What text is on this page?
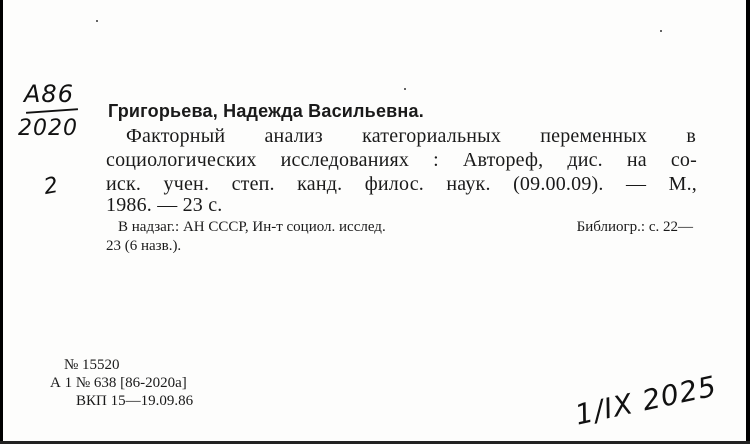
A86
2020
2
1/IX 2025
Григорьева, Надежда Васильевна.
Факторный анализ категориальных переменных в
социологических исследованиях : Автореф, дис. на со-
иск. учен. степ. канд. филос. наук. (09.00.09). — М.,
1986. — 23 с.
В надзаг.: АН СССР, Ин-т социол. исслед.	Библиогр.: с. 22—
23 (6 назв.).
№ 15520
А 1 № 638 [86-2020а]
ВКП 15—19.09.86
